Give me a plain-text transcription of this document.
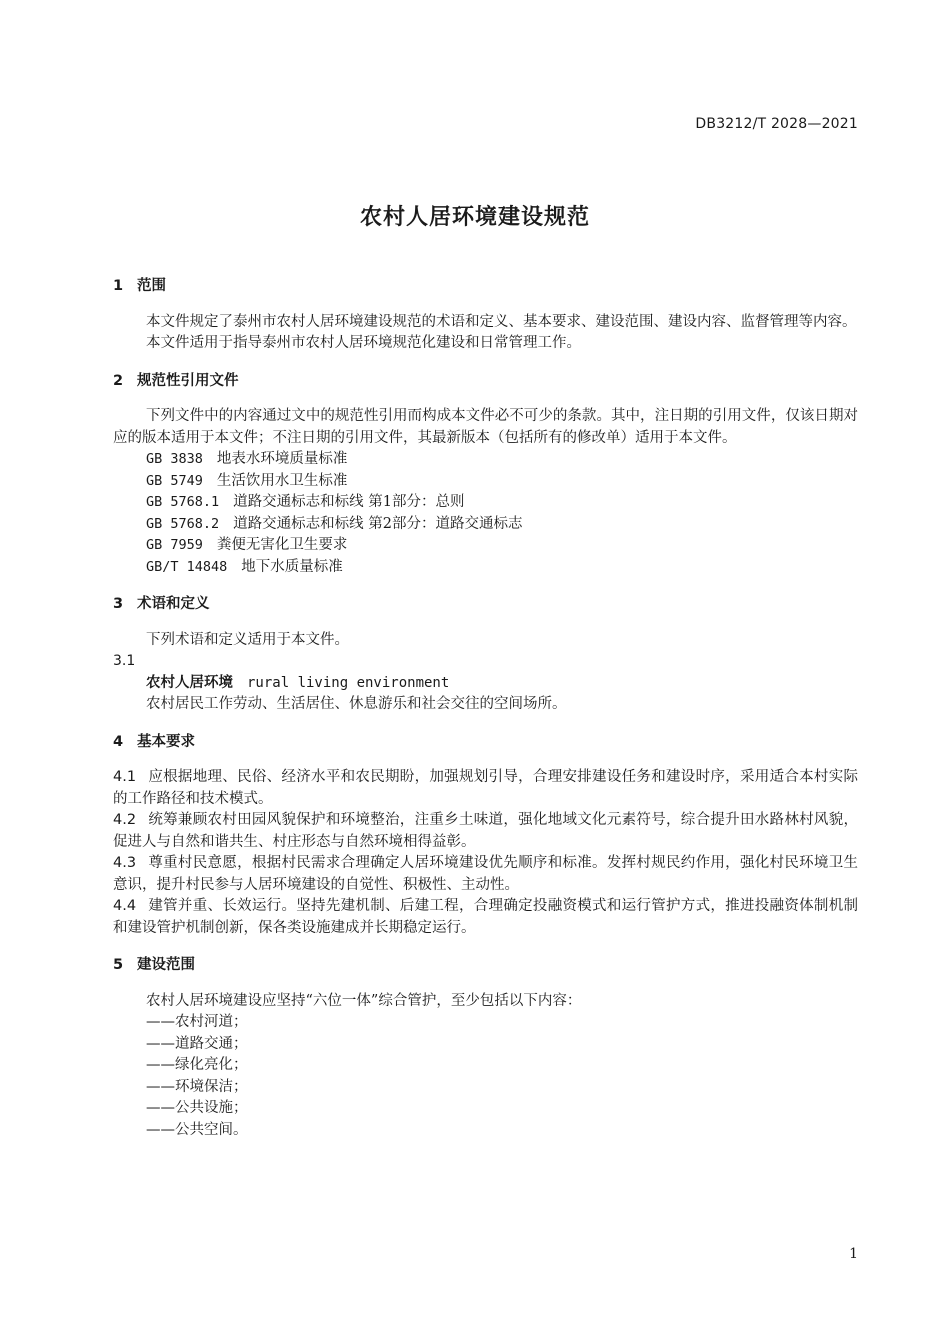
DB3212/T 2028—2021
农村人居环境建设规范
1 范围
本文件规定了泰州市农村人居环境建设规范的术语和定义、基本要求、建设范围、建设内容、监督管理等内容。
本文件适用于指导泰州市农村人居环境规范化建设和日常管理工作。
2 规范性引用文件
下列文件中的内容通过文中的规范性引用而构成本文件必不可少的条款。其中，注日期的引用文件，仅该日期对应的版本适用于本文件；不注日期的引用文件，其最新版本（包括所有的修改单）适用于本文件。
GB 3838 地表水环境质量标准
GB 5749 生活饮用水卫生标准
GB 5768.1 道路交通标志和标线 第1部分：总则
GB 5768.2 道路交通标志和标线 第2部分：道路交通标志
GB 7959 粪便无害化卫生要求
GB/T 14848 地下水质量标准
3 术语和定义
下列术语和定义适用于本文件。
3.1
农村人居环境 rural living environment
农村居民工作劳动、生活居住、休息游乐和社会交往的空间场所。
4 基本要求
4.1 应根据地理、民俗、经济水平和农民期盼，加强规划引导，合理安排建设任务和建设时序，采用适合本村实际的工作路径和技术模式。
4.2 统筹兼顾农村田园风貌保护和环境整治，注重乡土味道，强化地域文化元素符号，综合提升田水路林村风貌，促进人与自然和谐共生、村庄形态与自然环境相得益彰。
4.3 尊重村民意愿，根据村民需求合理确定人居环境建设优先顺序和标准。发挥村规民约作用，强化村民环境卫生意识，提升村民参与人居环境建设的自觉性、积极性、主动性。
4.4 建管并重、长效运行。坚持先建机制、后建工程，合理确定投融资模式和运行管护方式，推进投融资体制机制和建设管护机制创新，保各类设施建成并长期稳定运行。
5 建设范围
农村人居环境建设应坚持“六位一体”综合管护，至少包括以下内容：
——农村河道；
——道路交通；
——绿化亮化；
——环境保洁；
——公共设施；
——公共空间。
1
